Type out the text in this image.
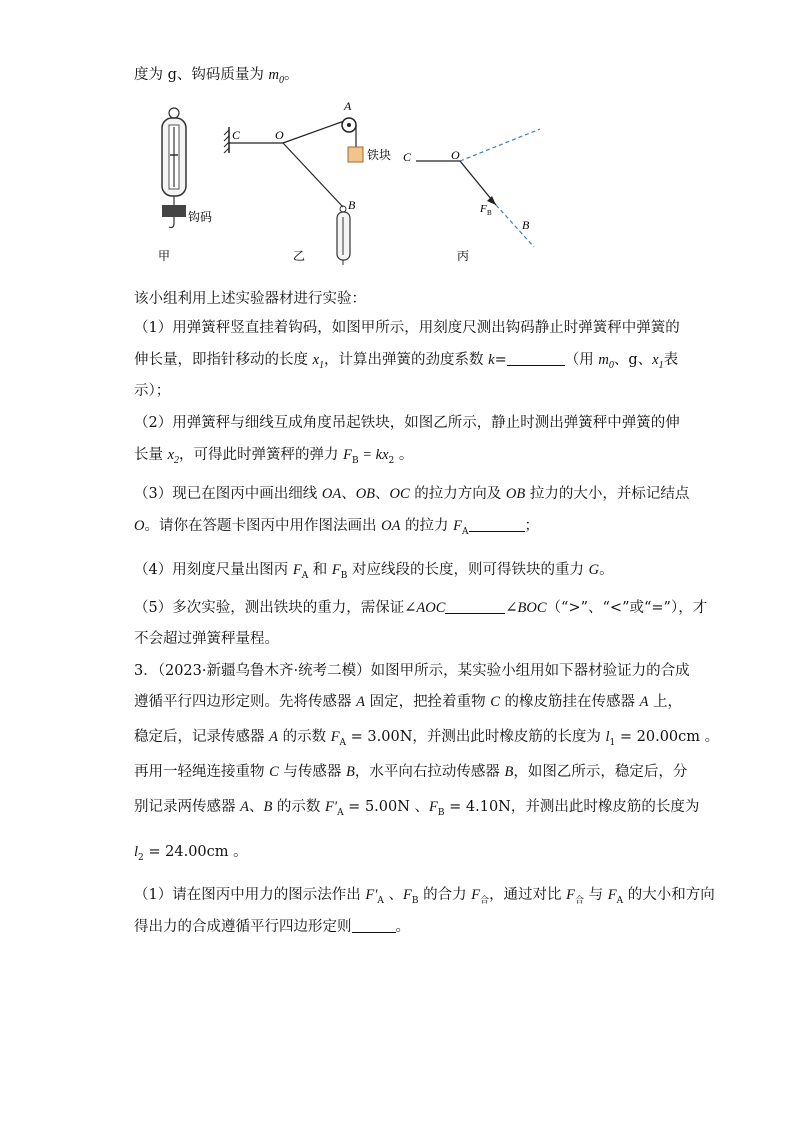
度为 g、钩码质量为 $m_0$。
钩码
甲
铁块
C	O
A
B
乙
C	O
F B
B
丙
该小组利用上述实验器材进行实验：
（1）用弹簧秤竖直挂着钩码，如图甲所示，用刻度尺测出钩码静止时弹簧秤中弹簧的
伸长量，即指针移动的长度 $x_1$，计算出弹簧的劲度系数 k=	（用 $m_0$、g、$x_1$表
示）；
（2）用弹簧秤与细线互成角度吊起铁块，如图乙所示，静止时测出弹簧秤中弹簧的伸
长量 $x_2$，可得此时弹簧秤的弹力 $F_B = kx_2$ 。
（3）现已在图丙中画出细线 OA、OB、OC 的拉力方向及 OB 拉力的大小，并标记结点
O。请你在答题卡图丙中用作图法画出 OA 的拉力 $F_A$	；
（4）用刻度尺量出图丙 $F_A$ 和 $F_B$ 对应线段的长度，则可得铁块的重力 G。
（5）多次实验，测出铁块的重力，需保证∠AOC	∠BOC（“>”、“<”或“=”），才
不会超过弹簧秤量程。
3．（2023·新疆乌鲁木齐·统考二模）如图甲所示，某实验小组用如下器材验证力的合成
遵循平行四边形定则。先将传感器 A 固定，把拴着重物 C 的橡皮筋挂在传感器 A 上，
稳定后，记录传感器 A 的示数 $F_A = 3.00N$，并测出此时橡皮筋的长度为 $l_1 = 20.00cm$ 。
再用一轻绳连接重物 C 与传感器 B，水平向右拉动传感器 B，如图乙所示，稳定后，分
别记录两传感器 A、B 的示数 $F'_A = 5.00N$ 、$F_B = 4.10N$，并测出此时橡皮筋的长度为
$l_2 = 24.00cm$ 。
（1）请在图丙中用力的图示法作出 $F'_A$ 、$F_B$ 的合力 $F_合$，通过对比 $F_合$ 与 $F_A$ 的大小和方向
得出力的合成遵循平行四边形定则	。
